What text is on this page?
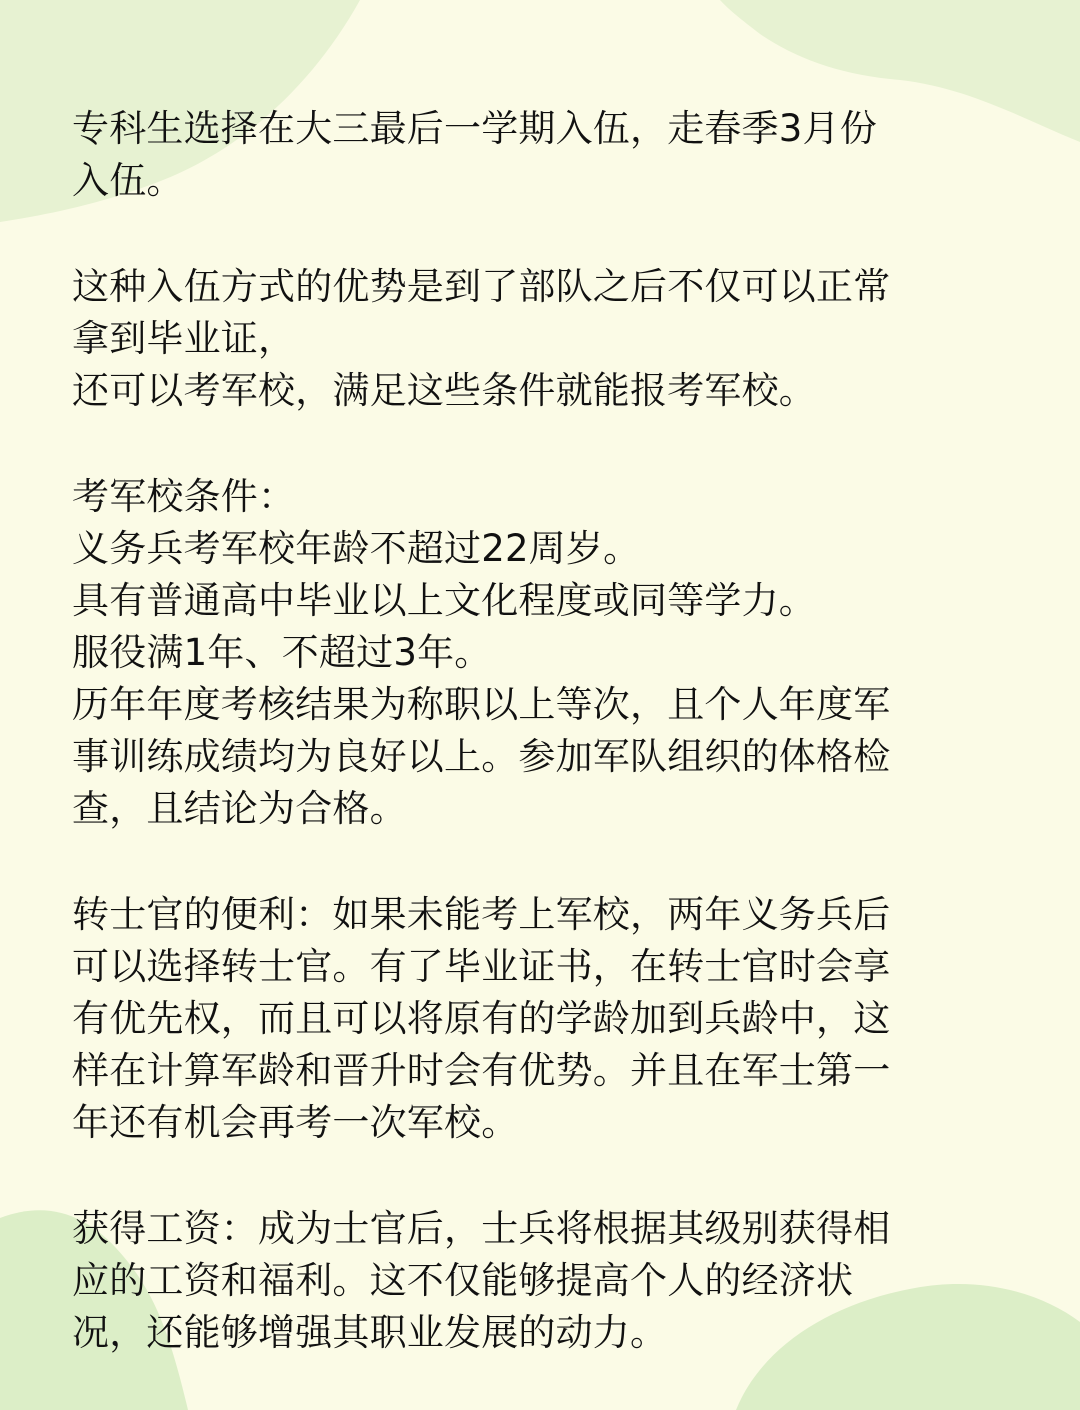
专科生选择在大三最后一学期入伍，走春季3月份
入伍。
这种入伍方式的优势是到了部队之后不仅可以正常
拿到毕业证，
还可以考军校，满足这些条件就能报考军校。
考军校条件：
义务兵考军校年龄不超过22周岁。
具有普通高中毕业以上文化程度或同等学力。
服役满1年、不超过3年。
历年年度考核结果为称职以上等次，且个人年度军
事训练成绩均为良好以上。参加军队组织的体格检
查，且结论为合格。
转士官的便利：如果未能考上军校，两年义务兵后
可以选择转士官。有了毕业证书，在转士官时会享
有优先权，而且可以将原有的学龄加到兵龄中，这
样在计算军龄和晋升时会有优势。并且在军士第一
年还有机会再考一次军校。
获得工资：成为士官后，士兵将根据其级别获得相
应的工资和福利。这不仅能够提高个人的经济状
况，还能够增强其职业发展的动力。
